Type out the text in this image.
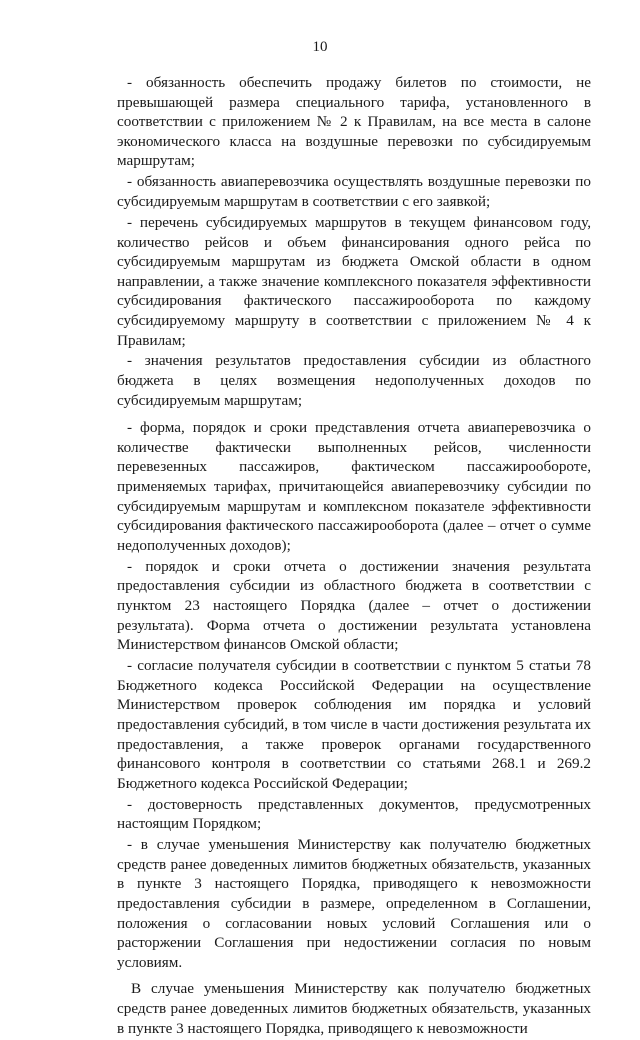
10

- обязанность обеспечить продажу билетов по стоимости, не превышающей размера специального тарифа, установленного в соответствии с приложением № 2 к Правилам, на все места в салоне экономического класса на воздушные перевозки по субсидируемым маршрутам;

- обязанность авиаперевозчика осуществлять воздушные перевозки по субсидируемым маршрутам в соответствии с его заявкой;

- перечень субсидируемых маршрутов в текущем финансовом году, количество рейсов и объем финансирования одного рейса по субсидируемым маршрутам из бюджета Омской области в одном направлении, а также значение комплексного показателя эффективности субсидирования фактического пассажирооборота по каждому субсидируемому маршруту в соответствии с приложением № 4 к Правилам;

- значения результатов предоставления субсидии из областного бюджета в целях возмещения недополученных доходов по субсидируемым маршрутам;

- форма, порядок и сроки представления отчета авиаперевозчика о количестве фактически выполненных рейсов, численности перевезенных пассажиров, фактическом пассажирообороте, применяемых тарифах, причитающейся авиаперевозчику субсидии по субсидируемым маршрутам и комплексном показателе эффективности субсидирования фактического пассажирооборота (далее – отчет о сумме недополученных доходов);

- порядок и сроки отчета о достижении значения результата предоставления субсидии из областного бюджета в соответствии с пунктом 23 настоящего Порядка (далее – отчет о достижении результата). Форма отчета о достижении результата установлена Министерством финансов Омской области;

- согласие получателя субсидии в соответствии с пунктом 5 статьи 78 Бюджетного кодекса Российской Федерации на осуществление Министерством проверок соблюдения им порядка и условий предоставления субсидий, в том числе в части достижения результата их предоставления, а также проверок органами государственного финансового контроля в соответствии со статьями 268.1 и 269.2 Бюджетного кодекса Российской Федерации;

- достоверность представленных документов, предусмотренных настоящим Порядком;

- в случае уменьшения Министерству как получателю бюджетных средств ранее доведенных лимитов бюджетных обязательств, указанных в пункте 3 настоящего Порядка, приводящего к невозможности предоставления субсидии в размере, определенном в Соглашении, положения о согласовании новых условий Соглашения или о расторжении Соглашения при недостижении согласия по новым условиям.

В случае уменьшения Министерству как получателю бюджетных средств ранее доведенных лимитов бюджетных обязательств, указанных в пункте 3 настоящего Порядка, приводящего к невозможности
